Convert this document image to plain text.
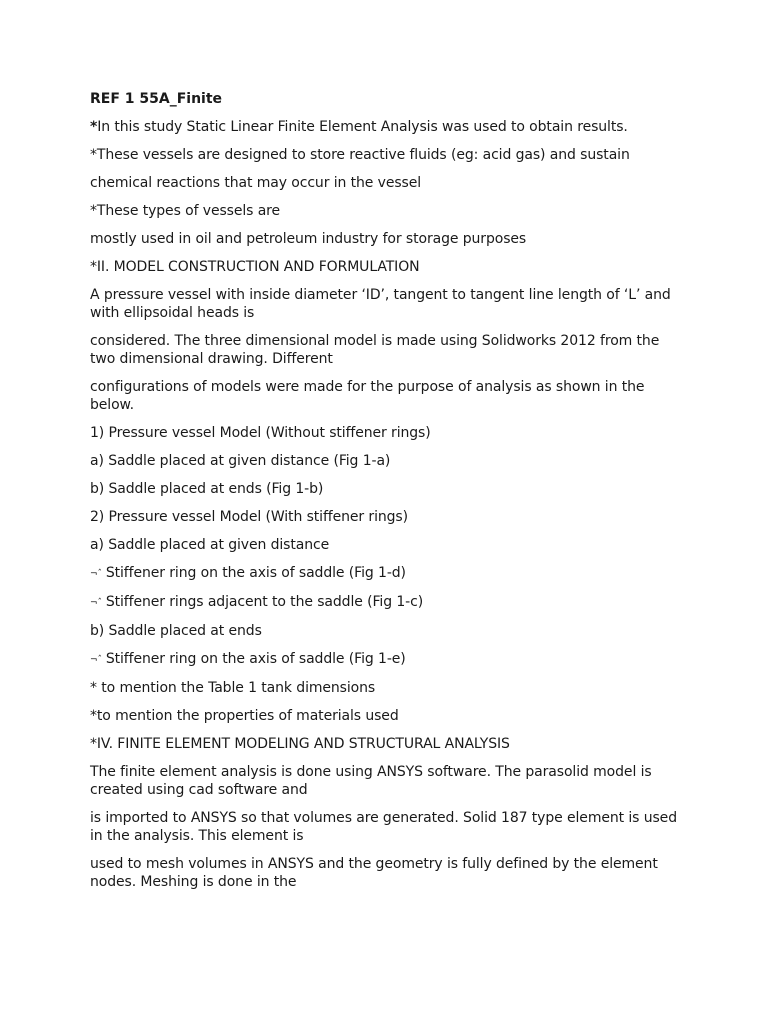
REF 1 55A_Finite

*In this study Static Linear Finite Element Analysis was used to obtain results.

*These vessels are designed to store reactive fluids (eg: acid gas) and sustain

chemical reactions that may occur in the vessel

*These types of vessels are

mostly used in oil and petroleum industry for storage purposes

*II. MODEL CONSTRUCTION AND FORMULATION

A pressure vessel with inside diameter ‘ID’, tangent to tangent line length of ‘L’ and with ellipsoidal heads is

considered. The three dimensional model is made using Solidworks 2012 from the two dimensional drawing. Different

configurations of models were made for the purpose of analysis as shown in the below.

1) Pressure vessel Model (Without stiffener rings)

a) Saddle placed at given distance (Fig 1-a)

b) Saddle placed at ends (Fig 1-b)

2) Pressure vessel Model (With stiffener rings)

a) Saddle placed at given distance

¬ˆ Stiffener ring on the axis of saddle (Fig 1-d)

¬ˆ Stiffener rings adjacent to the saddle (Fig 1-c)

b) Saddle placed at ends

¬ˆ Stiffener ring on the axis of saddle (Fig 1-e)

* to mention the Table 1 tank dimensions

*to mention the properties of materials used

*IV. FINITE ELEMENT MODELING AND STRUCTURAL ANALYSIS

The finite element analysis is done using ANSYS software. The parasolid model is created using cad software and

is imported to ANSYS so that volumes are generated. Solid 187 type element is used in the analysis. This element is

used to mesh volumes in ANSYS and the geometry is fully defined by the element nodes. Meshing is done in the
